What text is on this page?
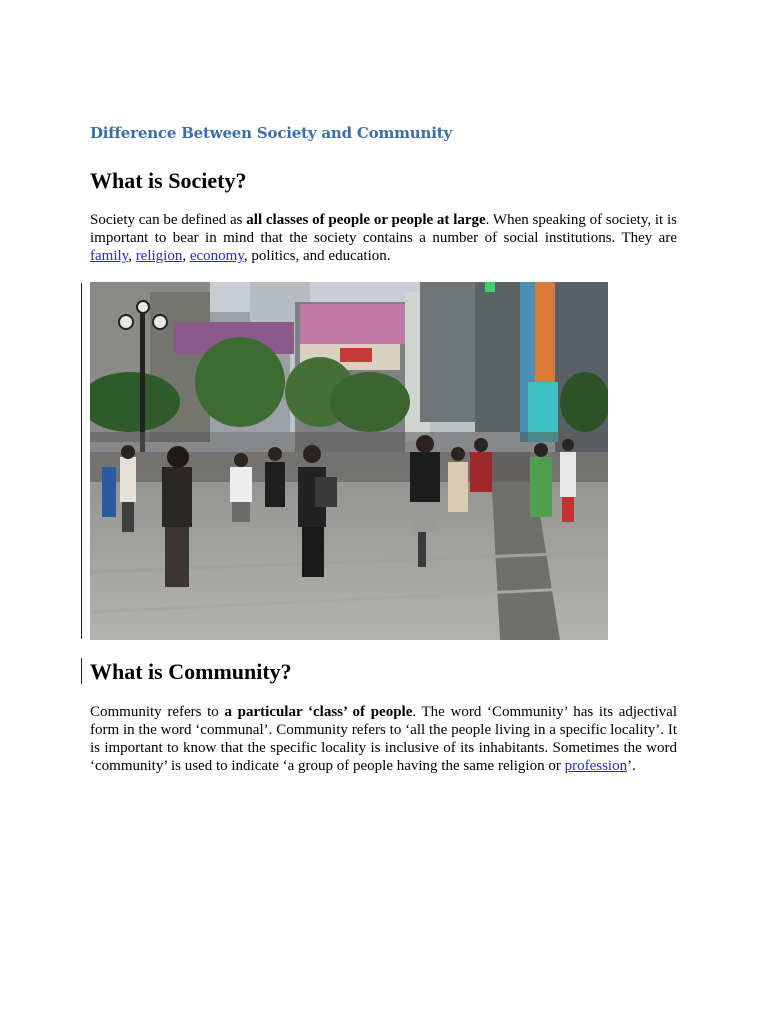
Difference Between Society and Community
What is Society?

Society can be defined as all classes of people or people at large. When speaking of society, it is important to bear in mind that the society contains a number of social institutions. They are family, religion, economy, politics, and education.

What is Community?

Community refers to a particular ‘class’ of people. The word ‘Community’ has its adjectival form in the word ‘communal’. Community refers to ‘all the people living in a specific locality’. It is important to know that the specific locality is inclusive of its inhabitants. Sometimes the word ‘community’ is used to indicate ‘a group of people having the same religion or profession’.
